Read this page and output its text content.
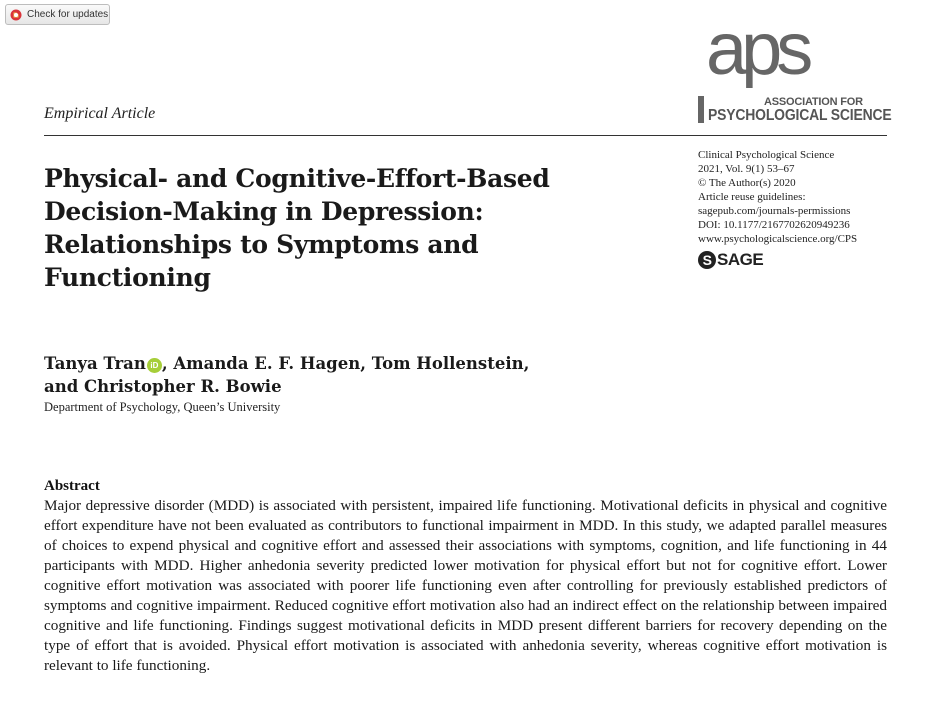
Check for updates	aps
ASSOCIATION FOR
PSYCHOLOGICAL SCIENCE
Empirical Article
Physical- and Cognitive-Effort-Based
Decision-Making in Depression:
Relationships to Symptoms and
Functioning
Clinical Psychological Science
2021, Vol. 9(1) 53–67
© The Author(s) 2020
Article reuse guidelines:
sagepub.com/journals-permissions
DOI: 10.1177/2167702620949236
www.psychologicalscience.org/CPS
S SAGE
Tanya Tran iD , Amanda E. F. Hagen, Tom Hollenstein,
and Christopher R. Bowie
Department of Psychology, Queen’s University
Abstract
Major depressive disorder (MDD) is associated with persistent, impaired life functioning. Motivational deficits in physical and cognitive effort expenditure have not been evaluated as contributors to functional impairment in MDD. In this study, we adapted parallel measures of choices to expend physical and cognitive effort and assessed their associations with symptoms, cognition, and life functioning in 44 participants with MDD. Higher anhedonia severity predicted lower motivation for physical effort but not for cognitive effort. Lower cognitive effort motivation was associated with poorer life functioning even after controlling for previously established predictors of symptoms and cognitive impairment. Reduced cognitive effort motivation also had an indirect effect on the relationship between impaired cognitive and life functioning. Findings suggest motivational deficits in MDD present different barriers for recovery depending on the type of effort that is avoided. Physical effort motivation is associated with anhedonia severity, whereas cognitive effort motivation is relevant to life functioning.
